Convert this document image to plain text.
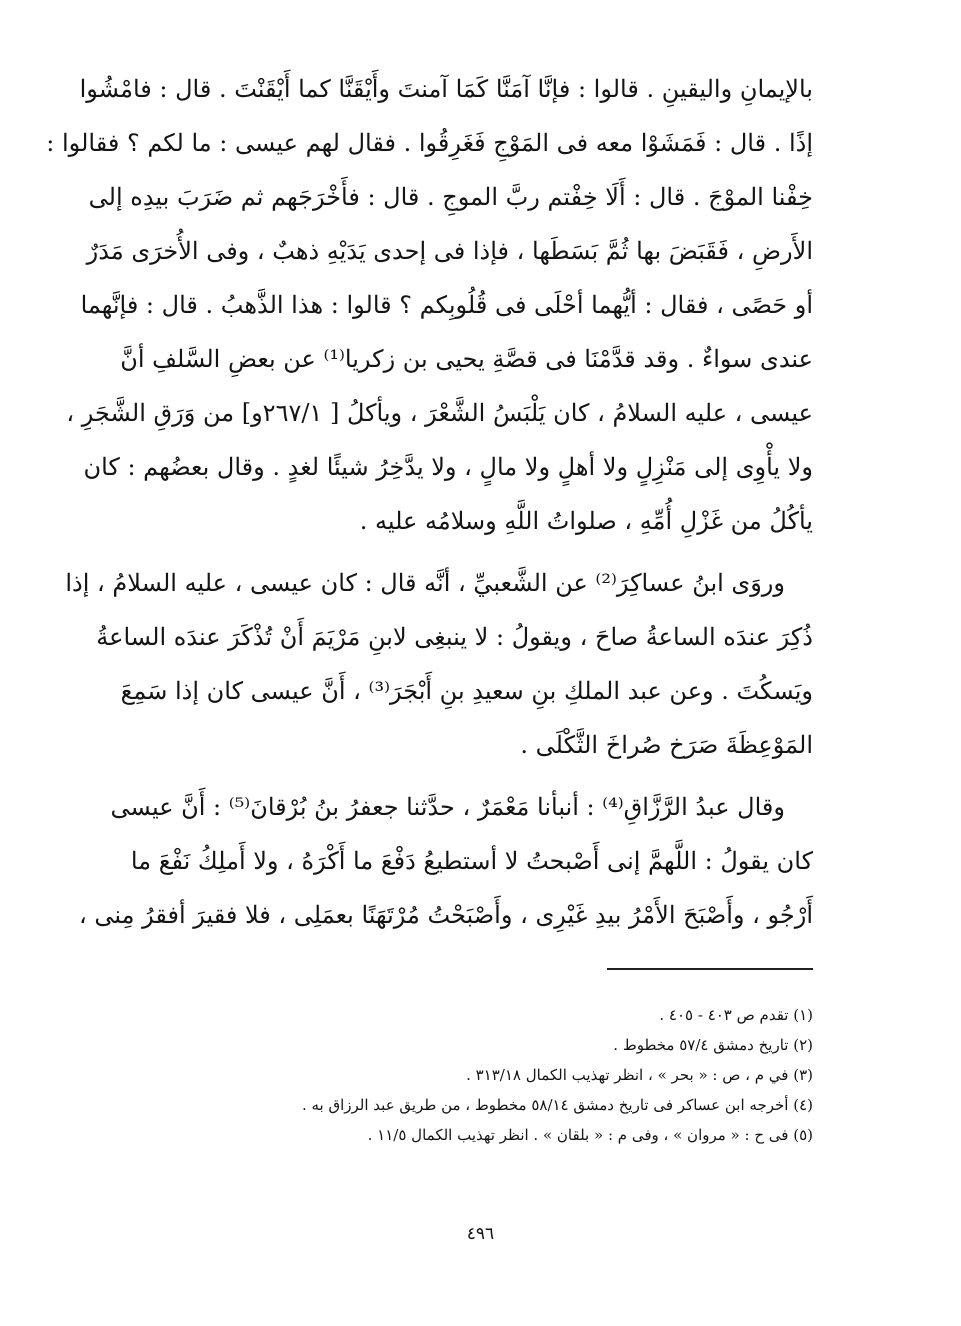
بالإيمانِ واليقينِ . قالوا : فإنَّا آمَنَّا كَمَا آمنتَ وأَيْقَنَّا كما أَيْقَنْتَ . قال : فامْشُوا
إذًا . قال : فَمَشَوْا معه فى المَوْجِ فَغَرِقُوا . فقال لهم عيسى : ما لكم ؟ فقالوا :
خِفْنا الموْجَ . قال : أَلَا خِفْتم ربَّ الموجِ . قال : فأَخْرَجَهم ثم ضَرَبَ بيدِه إلى
الأَرضِ ، فَقَبَضَ بها ثُمَّ بَسَطَها ، فإذا فى إحدى يَدَيْهِ ذهبٌ ، وفى الأُخرَى مَدَرٌ
أو حَصًى ، فقال : أيُّهما أحْلَى فى قُلُوبِكم ؟ قالوا : هذا الذَّهبُ . قال : فإنَّهما
عندى سواءٌ . وقد قدَّمْنَا فى قصَّةِ يحيى بن زكريا⁽¹⁾ عن بعضِ السَّلفِ أنَّ
عيسى ، عليه السلامُ ، كان يَلْبَسُ الشَّعْرَ ، ويأكلُ [ ٢٦٧/١و] من وَرَقِ الشَّجَرِ ،
ولا يأْوِى إلى مَنْزِلٍ ولا أهلٍ ولا مالٍ ، ولا يدَّخِرُ شيئًا لغدٍ . وقال بعضُهم : كان
يأكُلُ من غَزْلِ أُمِّهِ ، صلواتُ اللَّهِ وسلامُه عليه .
وروَى ابنُ عساكِرَ⁽²⁾ عن الشَّعبيِّ ، أنَّه قال : كان عيسى ، عليه السلامُ ، إذا
ذُكِرَ عندَه الساعةُ صاحَ ، ويقولُ : لا ينبغِى لابنِ مَرْيَمَ أَنْ تُذْكَرَ عندَه الساعةُ
ويَسكُتَ . وعن عبد الملكِ بنِ سعيدِ بنِ أَبْجَرَ⁽³⁾ ، أَنَّ عيسى كان إذا سَمِعَ
المَوْعِظَةَ صَرَخ صُراخَ الثَّكْلَى .
وقال عبدُ الرَّزَّاقِ⁽⁴⁾ : أنبأنا مَعْمَرٌ ، حدَّثنا جعفرُ بنُ بُرْقانَ⁽⁵⁾ : أَنَّ عيسى
كان يقولُ : اللَّهمَّ إنى أَصْبحتُ لا أستطيعُ دَفْعَ ما أَكْرَهُ ، ولا أَملِكُ نَفْعَ ما
أَرْجُو ، وأَصْبَحَ الأَمْرُ بيدِ غَيْرِى ، وأَصْبَحْتُ مُرْتَهَنًا بعمَلِى ، فلا فقيرَ أفقرُ مِنى ،
(١) تقدم ص ٤٠٣ - ٤٠٥ .
(٢) تاريخ دمشق ٥٧/٤ مخطوط .
(٣) في م ، ص : « بحر » ، انظر تهذيب الكمال ٣١٣/١٨ .
(٤) أخرجه ابن عساكر فى تاريخ دمشق ٥٨/١٤ مخطوط ، من طريق عبد الرزاق به .
(٥) فى ح : « مروان » ، وفى م : « بلقان » . انظر تهذيب الكمال ١١/٥ .
٤٩٦
